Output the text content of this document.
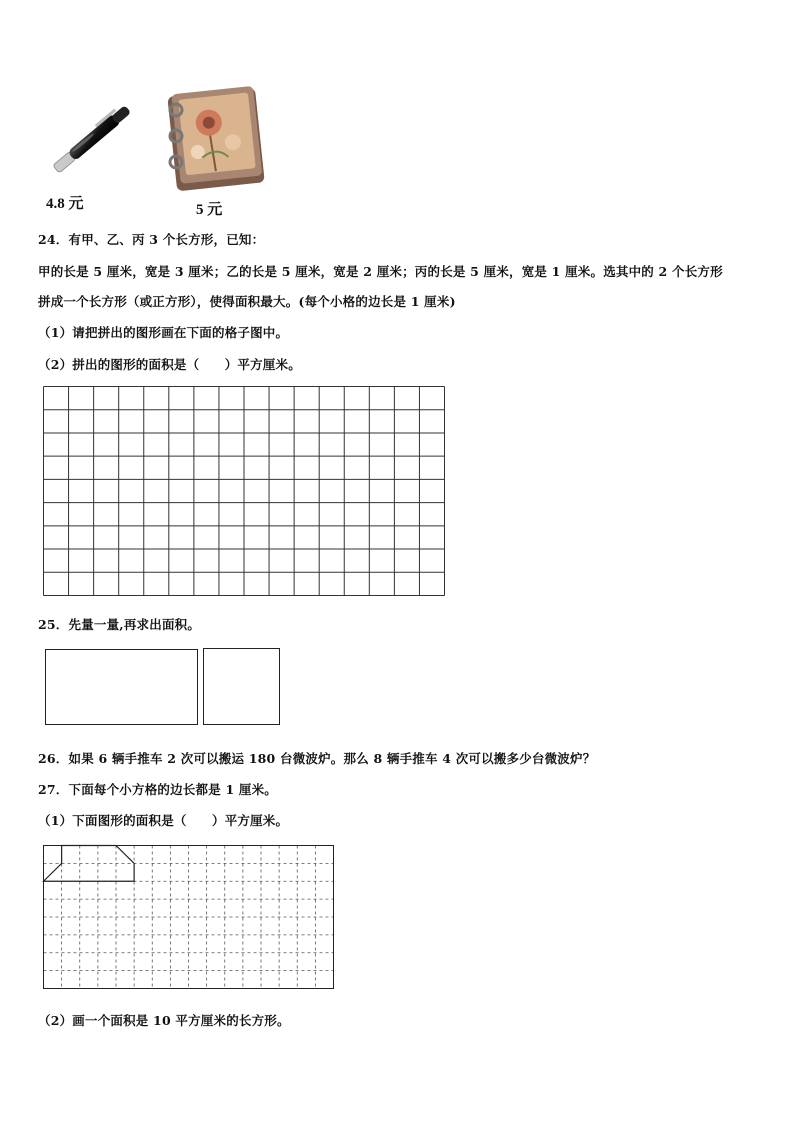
4.8 元	5 元
24．有甲、乙、丙 3 个长方形，已知：
甲的长是 5 厘米，宽是 3 厘米；乙的长是 5 厘米，宽是 2 厘米；丙的长是 5 厘米，宽是 1 厘米。选其中的 2 个长方形
拼成一个长方形（或正方形），使得面积最大。(每个小格的边长是 1 厘米)
（1）请把拼出的图形画在下面的格子图中。
（2）拼出的图形的面积是（　　）平方厘米。
25．先量一量,再求出面积。
26．如果 6 辆手推车 2 次可以搬运 180 台微波炉。那么 8 辆手推车 4 次可以搬多少台微波炉？
27．下面每个小方格的边长都是 1 厘米。
（1）下面图形的面积是（　　）平方厘米。
（2）画一个面积是 10 平方厘米的长方形。
